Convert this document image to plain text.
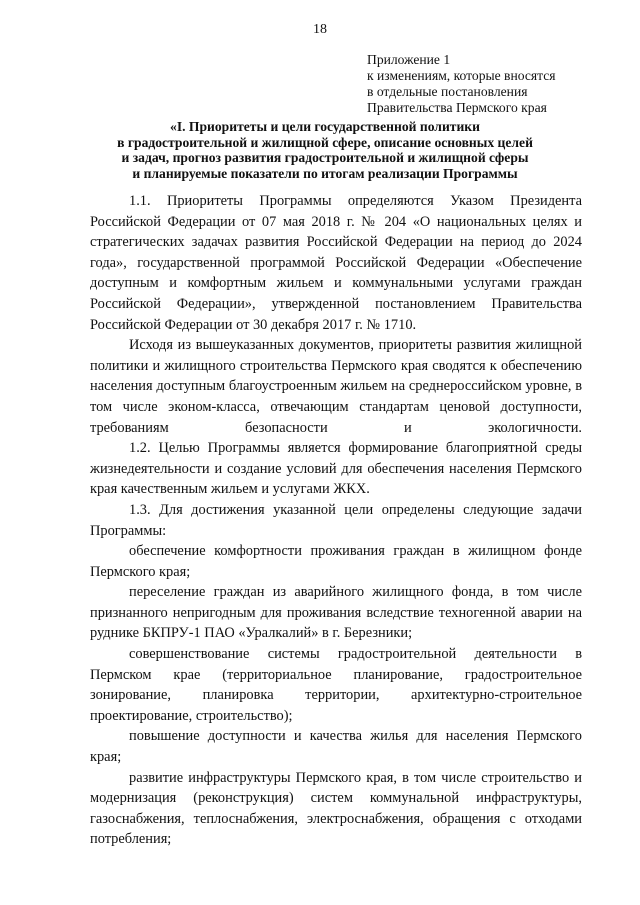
18
Приложение 1
к изменениям, которые вносятся
в отдельные постановления
Правительства Пермского края
«I. Приоритеты и цели государственной политики
в градостроительной и жилищной сфере, описание основных целей
и задач, прогноз развития градостроительной и жилищной сферы
и планируемые показатели по итогам реализации Программы

1.1. Приоритеты Программы определяются Указом Президента Российской Федерации от 07 мая 2018 г. № 204 «О национальных целях и стратегических задачах развития Российской Федерации на период до 2024 года», государственной программой Российской Федерации «Обеспечение доступным и комфортным жильем и коммунальными услугами граждан Российской Федерации», утвержденной постановлением Правительства Российской Федерации от 30 декабря 2017 г. № 1710.

Исходя из вышеуказанных документов, приоритеты развития жилищной политики и жилищного строительства Пермского края сводятся к обеспечению населения доступным благоустроенным жильем на среднероссийском уровне, в том числе эконом-класса, отвечающим стандартам ценовой доступности, требованиям безопасности и экологичности.

1.2. Целью Программы является формирование благоприятной среды жизнедеятельности и создание условий для обеспечения населения Пермского края качественным жильем и услугами ЖКХ.

1.3. Для достижения указанной цели определены следующие задачи Программы:

обеспечение комфортности проживания граждан в жилищном фонде Пермского края;

переселение граждан из аварийного жилищного фонда, в том числе признанного непригодным для проживания вследствие техногенной аварии на руднике БКПРУ-1 ПАО «Уралкалий» в г. Березники;

совершенствование системы градостроительной деятельности в Пермском крае (территориальное планирование, градостроительное зонирование, планировка территории, архитектурно-строительное проектирование, строительство);

повышение доступности и качества жилья для населения Пермского края;

развитие инфраструктуры Пермского края, в том числе строительство и модернизация (реконструкция) систем коммунальной инфраструктуры, газоснабжения, теплоснабжения, электроснабжения, обращения с отходами потребления;
